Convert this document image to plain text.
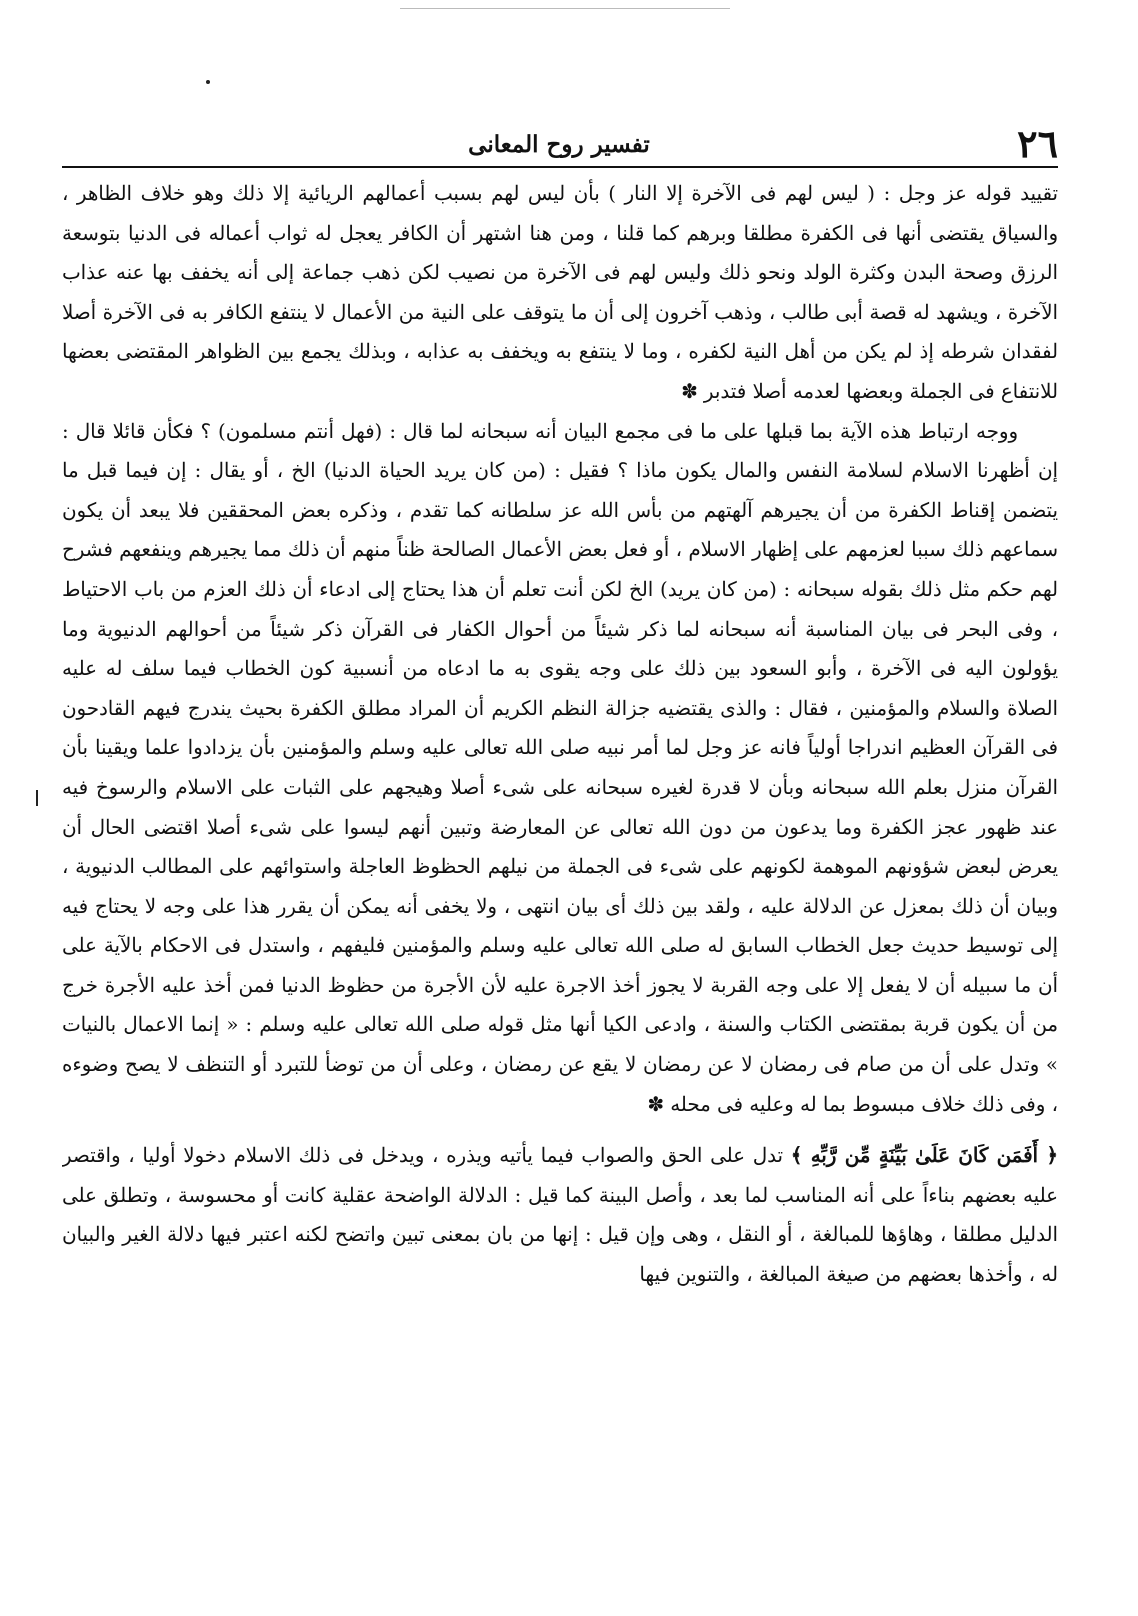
٢٦
تفسير روح المعانى

تقييد قوله عز وجل : ( ليس لهم فى الآخرة إلا النار ) بأن ليس لهم بسبب أعمالهم الريائية إلا ذلك وهو خلاف الظاهر ، والسياق يقتضى أنها فى الكفرة مطلقا وبرهم كما قلنا ، ومن هنا اشتهر أن الكافر يعجل له ثواب أعماله فى الدنيا بتوسعة الرزق وصحة البدن وكثرة الولد ونحو ذلك وليس لهم فى الآخرة من نصيب لكن ذهب جماعة إلى أنه يخفف بها عنه عذاب الآخرة ، ويشهد له قصة أبى طالب ، وذهب آخرون إلى أن ما يتوقف على النية من الأعمال لا ينتفع الكافر به فى الآخرة أصلا لفقدان شرطه إذ لم يكن من أهل النية لكفره ، وما لا ينتفع به ويخفف به عذابه ، وبذلك يجمع بين الظواهر المقتضى بعضها للانتفاع فى الجملة وبعضها لعدمه أصلا فتدبر ✽

ووجه ارتباط هذه الآية بما قبلها على ما فى مجمع البيان أنه سبحانه لما قال : (فهل أنتم مسلمون) ؟ فكأن قائلا قال : إن أظهرنا الاسلام لسلامة النفس والمال يكون ماذا ؟ فقيل : (من كان يريد الحياة الدنيا) الخ ، أو يقال : إن فيما قبل ما يتضمن إقناط الكفرة من أن يجيرهم آلهتهم من بأس الله عز سلطانه كما تقدم ، وذكره بعض المحققين فلا يبعد أن يكون سماعهم ذلك سببا لعزمهم على إظهار الاسلام ، أو فعل بعض الأعمال الصالحة ظناً منهم أن ذلك مما يجيرهم وينفعهم فشرح لهم حكم مثل ذلك بقوله سبحانه : (من كان يريد) الخ لكن أنت تعلم أن هذا يحتاج إلى ادعاء أن ذلك العزم من باب الاحتياط ، وفى البحر فى بيان المناسبة أنه سبحانه لما ذكر شيئاً من أحوال الكفار فى القرآن ذكر شيئاً من أحوالهم الدنيوية وما يؤولون اليه فى الآخرة ، وأبو السعود بين ذلك على وجه يقوى به ما ادعاه من أنسبية كون الخطاب فيما سلف له عليه الصلاة والسلام والمؤمنين ، فقال : والذى يقتضيه جزالة النظم الكريم أن المراد مطلق الكفرة بحيث يندرج فيهم القادحون فى القرآن العظيم اندراجا أولياً فانه عز وجل لما أمر نبيه صلى الله تعالى عليه وسلم والمؤمنين بأن يزدادوا علما ويقينا بأن القرآن منزل بعلم الله سبحانه وبأن لا قدرة لغيره سبحانه على شىء أصلا وهيجهم على الثبات على الاسلام والرسوخ فيه عند ظهور عجز الكفرة وما يدعون من دون الله تعالى عن المعارضة وتبين أنهم ليسوا على شىء أصلا اقتضى الحال أن يعرض لبعض شؤونهم الموهمة لكونهم على شىء فى الجملة من نيلهم الحظوظ العاجلة واستوائهم على المطالب الدنيوية ، وبيان أن ذلك بمعزل عن الدلالة عليه ، ولقد بين ذلك أى بيان انتهى ، ولا يخفى أنه يمكن أن يقرر هذا على وجه لا يحتاج فيه إلى توسيط حديث جعل الخطاب السابق له صلى الله تعالى عليه وسلم والمؤمنين فليفهم ، واستدل فى الاحكام بالآية على أن ما سبيله أن لا يفعل إلا على وجه القربة لا يجوز أخذ الاجرة عليه لأن الأجرة من حظوظ الدنيا فمن أخذ عليه الأجرة خرج من أن يكون قربة بمقتضى الكتاب والسنة ، وادعى الكيا أنها مثل قوله صلى الله تعالى عليه وسلم : « إنما الاعمال بالنيات » وتدل على أن من صام فى رمضان لا عن رمضان لا يقع عن رمضان ، وعلى أن من توضأ للتبرد أو التنظف لا يصح وضوءه ، وفى ذلك خلاف مبسوط بما له وعليه فى محله ✽

﴿ أَفَمَن كَانَ عَلَىٰ بَيِّنَةٍ مِّن رَّبِّهِ ﴾ تدل على الحق والصواب فيما يأتيه ويذره ، ويدخل فى ذلك الاسلام دخولا أوليا ، واقتصر عليه بعضهم بناءاً على أنه المناسب لما بعد ، وأصل البينة كما قيل : الدلالة الواضحة عقلية كانت أو محسوسة ، وتطلق على الدليل مطلقا ، وهاؤها للمبالغة ، أو النقل ، وهى وإن قيل : إنها من بان بمعنى تبين واتضح لكنه اعتبر فيها دلالة الغير والبيان له ، وأخذها بعضهم من صيغة المبالغة ، والتنوين فيها
